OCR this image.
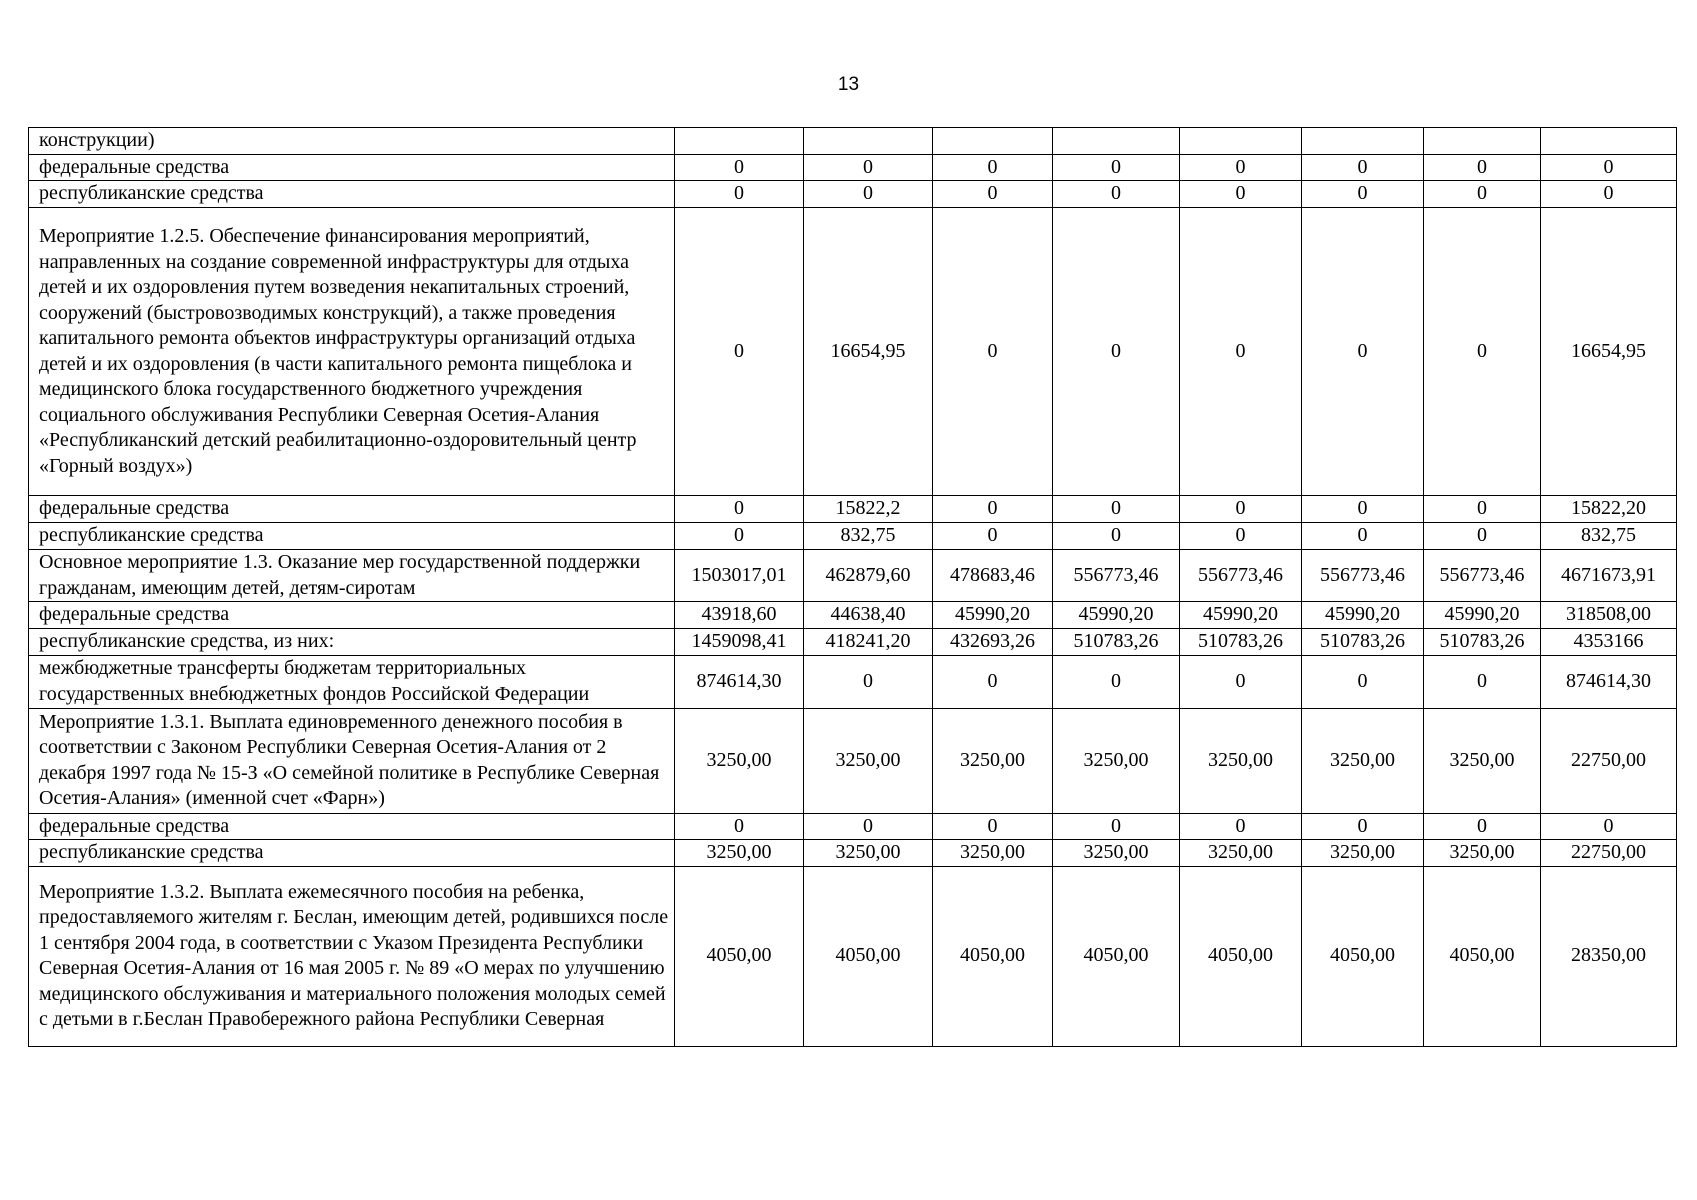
13
конструкции)								
федеральные средства	0	0	0	0	0	0	0	0
республиканские средства	0	0	0	0	0	0	0	0
Мероприятие 1.2.5. Обеспечение финансирования мероприятий, направленных на создание современной инфраструктуры для отдыха детей и их оздоровления путем возведения некапитальных строений, сооружений (быстровозводимых конструкций), а также проведения капитального ремонта объектов инфраструктуры организаций отдыха детей и их оздоровления (в части капитального ремонта пищеблока и медицинского блока государственного бюджетного учреждения социального обслуживания Республики Северная Осетия-Алания «Республиканский детский реабилитационно-оздоровительный центр «Горный воздух»)	0	16654,95	0	0	0	0	0	16654,95
федеральные средства	0	15822,2	0	0	0	0	0	15822,20
республиканские средства	0	832,75	0	0	0	0	0	832,75
Основное мероприятие 1.3. Оказание мер государственной поддержки гражданам, имеющим детей, детям-сиротам	1503017,01	462879,60	478683,46	556773,46	556773,46	556773,46	556773,46	4671673,91
федеральные средства	43918,60	44638,40	45990,20	45990,20	45990,20	45990,20	45990,20	318508,00
республиканские средства, из них:	1459098,41	418241,20	432693,26	510783,26	510783,26	510783,26	510783,26	4353166
межбюджетные трансферты бюджетам территориальных государственных внебюджетных фондов Российской Федерации	874614,30	0	0	0	0	0	0	874614,30
Мероприятие 1.3.1. Выплата единовременного денежного пособия в соответствии с Законом Республики Северная Осетия-Алания от 2 декабря 1997 года № 15-З «О семейной политике в Республике Северная Осетия-Алания» (именной счет «Фарн»)	3250,00	3250,00	3250,00	3250,00	3250,00	3250,00	3250,00	22750,00
федеральные средства	0	0	0	0	0	0	0	0
республиканские средства	3250,00	3250,00	3250,00	3250,00	3250,00	3250,00	3250,00	22750,00
Мероприятие 1.3.2. Выплата ежемесячного пособия на ребенка, предоставляемого жителям г. Беслан, имеющим детей, родившихся после 1 сентября 2004 года, в соответствии с Указом Президента Республики Северная Осетия-Алания от 16 мая 2005 г. № 89 «О мерах по улучшению медицинского обслуживания и материального положения молодых семей с детьми в г.Беслан Правобережного района Республики Северная	4050,00	4050,00	4050,00	4050,00	4050,00	4050,00	4050,00	28350,00
